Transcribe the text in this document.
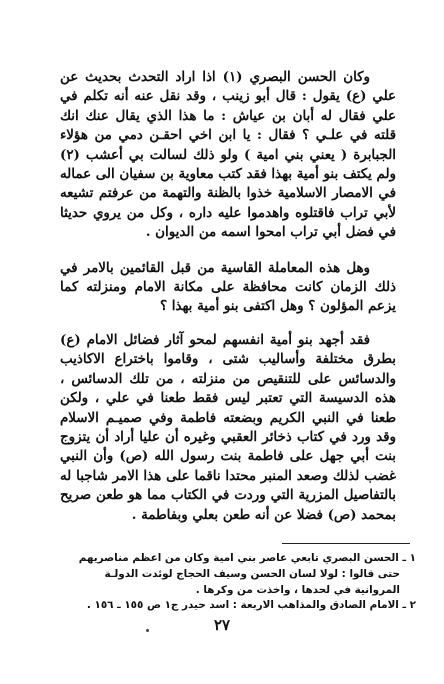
وكان الحسن البصري (١) اذا اراد التحدث بحديث عن علي (ع) يقول : قال أبو زينب ، وقد نقل عنه أنه تكلم في علي فقال له أبان بن عياش : ما هذا الذي يقال عنك انك قلته في علـي ؟ فقال : يا ابن اخي احقـن دمي من هؤلاء الجبابرة ( يعني بني امية ) ولو ذلك لسالت بي أعشب (٢) ولم يكتف بنو أمية بهذا فقد كتب معاوية بن سفيان الى عماله في الامصار الاسلامية خذوا بالظنة والتهمة من عرفتم تشيعه لأبي تراب فاقتلوه واهدموا عليه داره ، وكل من يروي حديثا في فضل أبي تراب امحوا اسمه من الديوان .

وهل هذه المعاملة القاسية من قبل القائمين بالامر في ذلك الزمان كانت محافظة على مكانة الامام ومنزلته كما يزعم المؤلون ؟ وهل اكتفى بنو أمية بهذا ؟

فقد أجهد بنو أمية انفسهم لمحو آثار فضائل الامام (ع) بطرق مختلفة وأساليب شتى ، وقاموا باختراع الاكاذيب والدسائس على للتنقيص من منزلته ، من تلك الدسائس ، هذه الدسيسة التي تعتبر ليس فقط طعنا في علي ، ولكن طعنا في النبي الكريم وبضعته فاطمة وفي صميـم الاسلام وقد ورد في كتاب ذخائر العقبي وغيره أن عليا أراد أن يتزوج بنت أبي جهل على فاطمة بنت رسول الله (ص) وأن النبي غضب لذلك وصعد المنبر محتدا ناقما على هذا الامر شاجبا له بالتفاصيل المزرية التي وردت في الكتاب مما هو طعن صريح بمحمد (ص) فضلا عن أنه طعن بعلي وبفاطمة .

١ ـ الحسن البصري تابعي عاصر بني امية وكان من اعظم مناصريهم

حتى قالوا : لولا لسان الحسن وسيف الحجاج لوئدت الدولـة

المروانية في لحدها ، واخذت من وكرها .

٢ ـ الامام الصادق والمذاهب الاربعة : اسد حيدر ج١ ص ١٥٥ ـ ١٥٦ .

٢٧
